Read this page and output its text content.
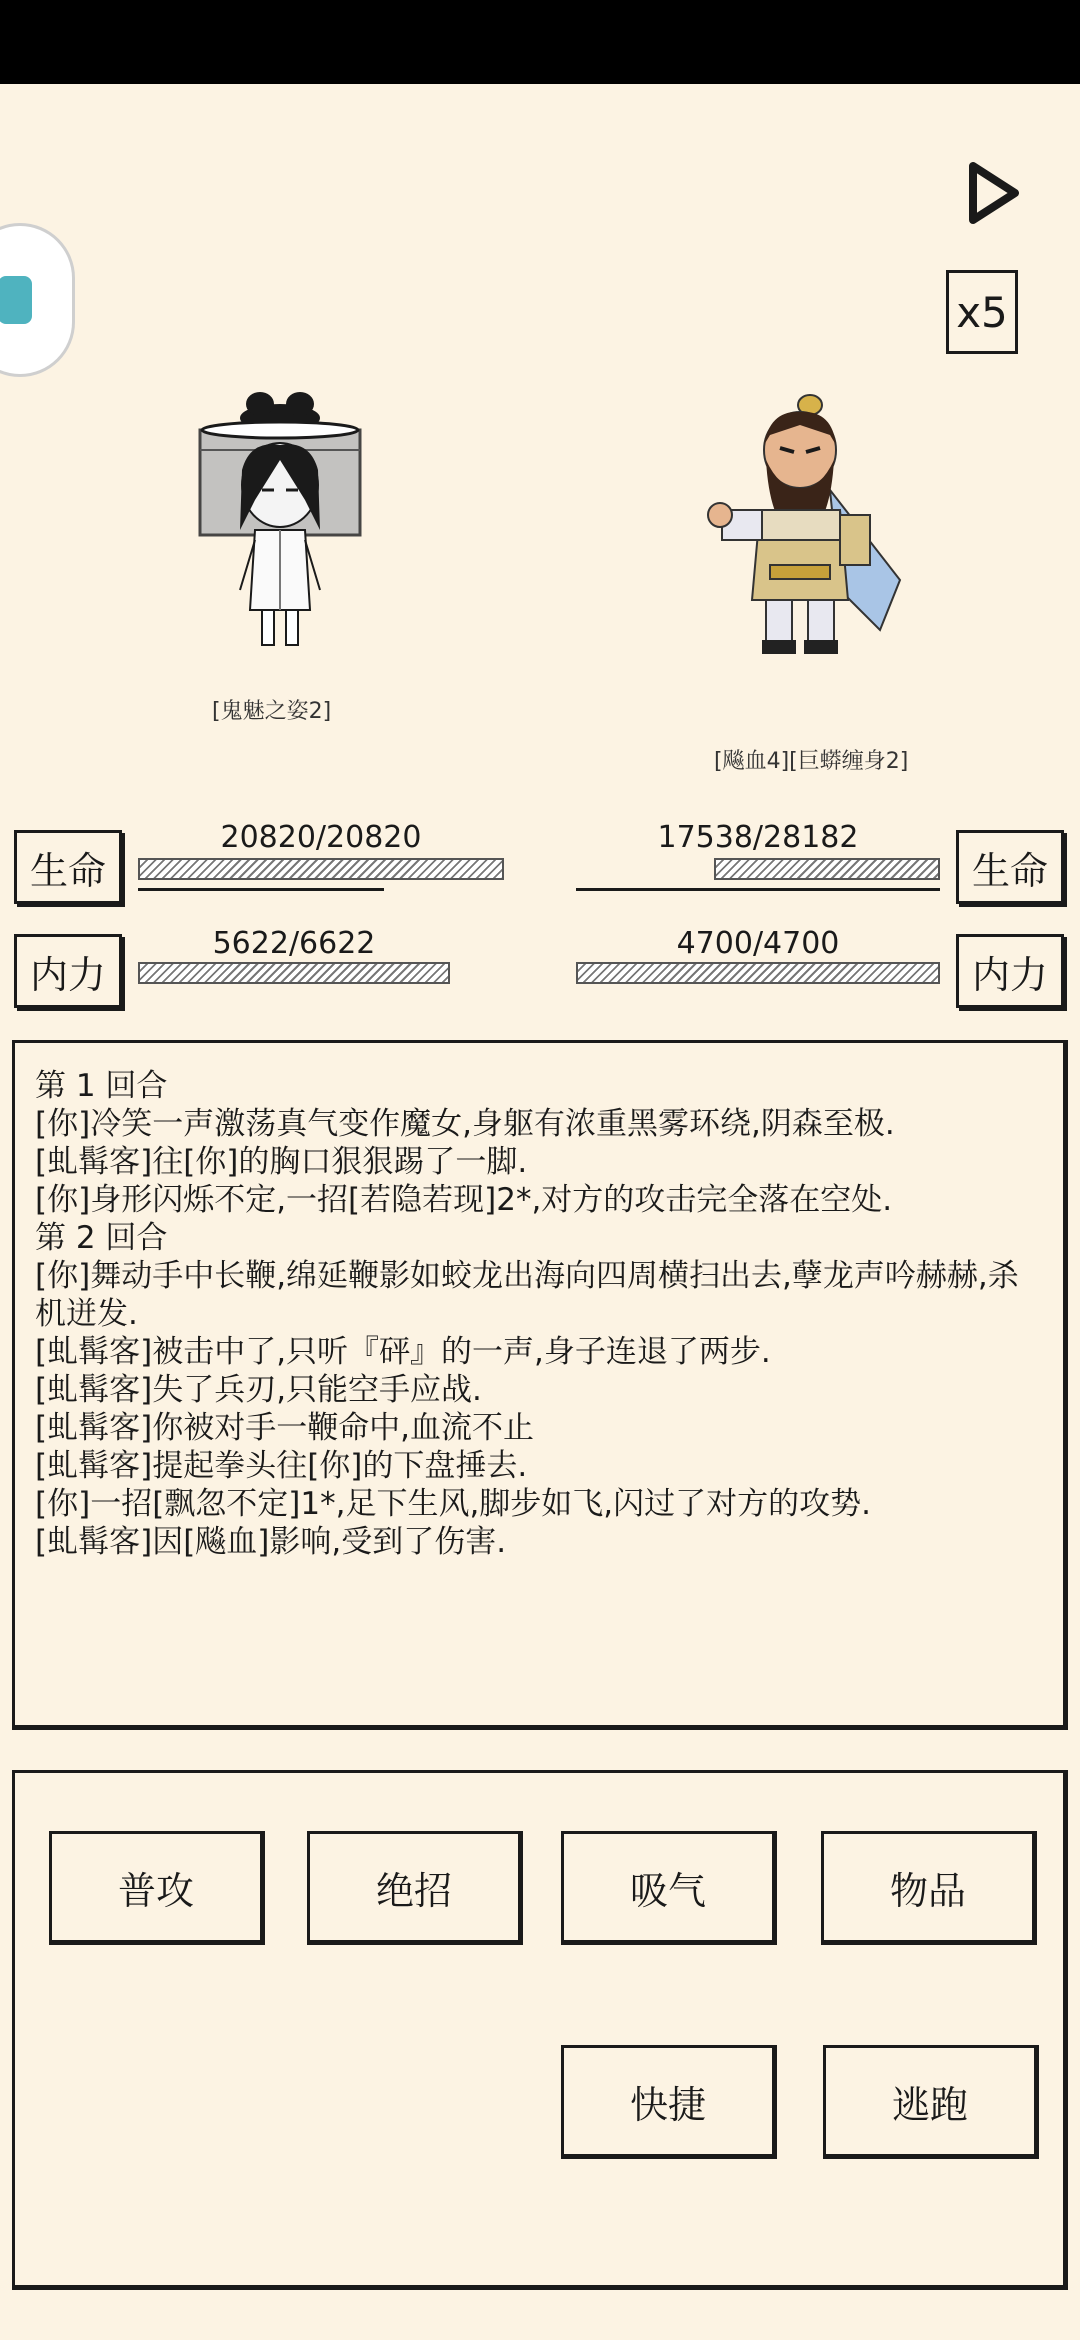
x5
[鬼魅之姿2]
[飚血4][巨蟒缠身2]
生命
20820/20820	17538/28182
生命
内力
5622/6622	4700/4700
内力

第 1 回合

[你]冷笑一声激荡真气变作魔女,身躯有浓重黑雾环绕,阴森至极.

[虬髯客]往[你]的胸口狠狠踢了一脚.

[你]身形闪烁不定,一招[若隐若现]2*,对方的攻击完全落在空处.

第 2 回合

[你]舞动手中长鞭,绵延鞭影如蛟龙出海向四周横扫出去,孽龙声吟赫赫,杀机迸发.

[虬髯客]被击中了,只听『砰』的一声,身子连退了两步.

[虬髯客]失了兵刃,只能空手应战.

[虬髯客]你被对手一鞭命中,血流不止

[虬髯客]提起拳头往[你]的下盘捶去.

[你]一招[飘忽不定]1*,足下生风,脚步如飞,闪过了对方的攻势.

[虬髯客]因[飚血]影响,受到了伤害.

普攻	绝招	吸气	物品
快捷	逃跑
